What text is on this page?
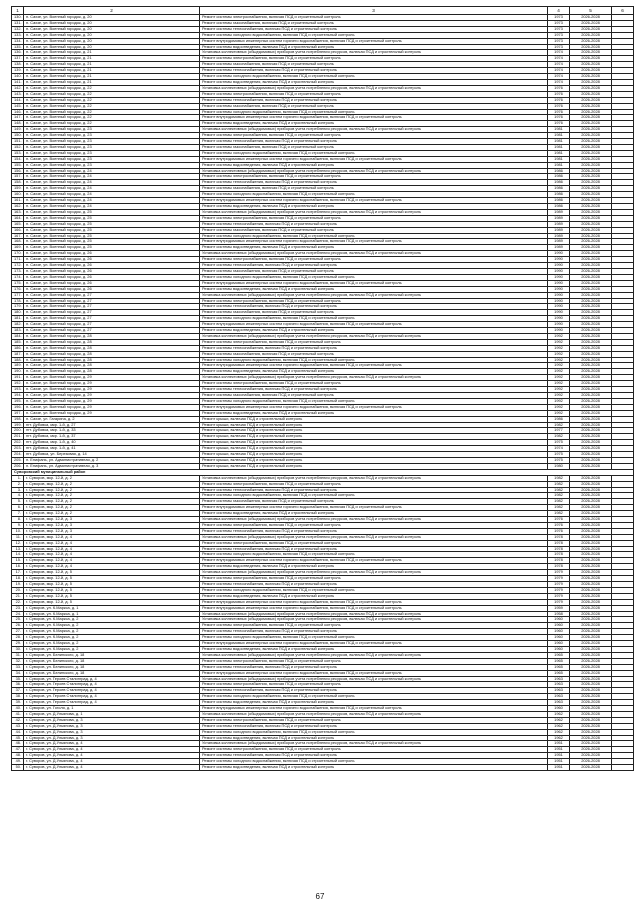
1	2	3	4	5	6
130.	п. Сахзе, ул. Военный городок, д. 20	Ремонт системы электроснабжения, включая ПСД и строительный контроль	1973	2026-2028	
131.	п. Сахзе, ул. Военный городок, д. 20	Ремонт системы газоснабжения, включая ПСД и строительный контроль	1973	2026-2028	
132.	п. Сахзе, ул. Военный городок, д. 20	Ремонт системы теплоснабжения, включая ПСД и строительный контроль	1973	2026-2028	
133.	п. Сахзе, ул. Военный городок, д. 20	Ремонт системы холодного водоснабжения, включая ПСД и строительный контроль	1973	2026-2028	
134.	п. Сахзе, ул. Военный городок, д. 20	Ремонт внутридомовых инженерных систем горячего водоснабжения, включая ПСД и строительный контроль	1973	2026-2028	
135.	п. Сахзе, ул. Военный городок, д. 20	Ремонт системы водоотведения, включая ПСД и строительный контроль	1973	2026-2028	
136.	п. Сахзе, ул. Военный городок, д. 21	Установка коллективных (общедомовых) приборов учета потребления ресурсов, включая ПСД и строительный контроль	1974	2026-2028	
137.	п. Сахзе, ул. Военный городок, д. 21	Ремонт системы электроснабжения, включая ПСД и строительный контроль	1974	2026-2028	
138.	п. Сахзе, ул. Военный городок, д. 21	Ремонт системы газоснабжения, включая ПСД и строительный контроль	1974	2026-2028	
139.	п. Сахзе, ул. Военный городок, д. 21	Ремонт системы теплоснабжения, включая ПСД и строительный контроль	1974	2026-2028	
140.	п. Сахзе, ул. Военный городок, д. 21	Ремонт системы холодного водоснабжения, включая ПСД и строительный контроль	1974	2026-2028	
141.	п. Сахзе, ул. Военный городок, д. 21	Ремонт системы водоотведения, включая ПСД и строительный контроль	1974	2026-2028	
142.	п. Сахзе, ул. Военный городок, д. 22	Установка коллективных (общедомовых) приборов учета потребления ресурсов, включая ПСД и строительный контроль	1976	2026-2028	
143.	п. Сахзе, ул. Военный городок, д. 22	Ремонт системы электроснабжения, включая ПСД и строительный контроль	1976	2026-2028	
144.	п. Сахзе, ул. Военный городок, д. 22	Ремонт системы теплоснабжения, включая ПСД и строительный контроль	1976	2026-2028	
145.	п. Сахзе, ул. Военный городок, д. 22	Ремонт системы газоснабжения, включая ПСД и строительный контроль	1976	2026-2028	
146.	п. Сахзе, ул. Военный городок, д. 22	Ремонт системы холодного водоснабжения, включая ПСД и строительный контроль	1976	2026-2028	
147.	п. Сахзе, ул. Военный городок, д. 22	Ремонт внутридомовых инженерных систем горячего водоснабжения, включая ПСД и строительный контроль	1976	2026-2028	
148.	п. Сахзе, ул. Военный городок, д. 22	Ремонт системы водоотведения, включая ПСД и строительный контроль	1976	2026-2028	
149.	п. Сахзе, ул. Военный городок, д. 23	Установка коллективных (общедомовых) приборов учета потребления ресурсов, включая ПСД и строительный контроль	1981	2026-2028	
150.	п. Сахзе, ул. Военный городок, д. 23	Ремонт системы электроснабжения, включая ПСД и строительный контроль	1981	2026-2028	
151.	п. Сахзе, ул. Военный городок, д. 23	Ремонт системы теплоснабжения, включая ПСД и строительный контроль	1981	2026-2028	
152.	п. Сахзе, ул. Военный городок, д. 23	Ремонт системы газоснабжения, включая ПСД и строительный контроль	1981	2026-2028	
153.	п. Сахзе, ул. Военный городок, д. 23	Ремонт системы холодного водоснабжения, включая ПСД и строительный контроль	1981	2026-2028	
154.	п. Сахзе, ул. Военный городок, д. 23	Ремонт внутридомовых инженерных систем горячего водоснабжения, включая ПСД и строительный контроль	1981	2026-2028	
155.	п. Сахзе, ул. Военный городок, д. 23	Ремонт системы водоотведения, включая ПСД и строительный контроль	1981	2026-2028	
156.	п. Сахзе, ул. Военный городок, д. 24	Установка коллективных (общедомовых) приборов учета потребления ресурсов, включая ПСД и строительный контроль	1986	2026-2028	
157.	п. Сахзе, ул. Военный городок, д. 24	Ремонт системы электроснабжения, включая ПСД и строительный контроль	1986	2026-2028	
158.	п. Сахзе, ул. Военный городок, д. 24	Ремонт системы теплоснабжения, включая ПСД и строительный контроль	1986	2026-2028	
159.	п. Сахзе, ул. Военный городок, д. 24	Ремонт системы газоснабжения, включая ПСД и строительный контроль	1986	2026-2028	
160.	п. Сахзе, ул. Военный городок, д. 24	Ремонт системы холодного водоснабжения, включая ПСД и строительный контроль	1986	2026-2028	
161.	п. Сахзе, ул. Военный городок, д. 24	Ремонт внутридомовых инженерных систем горячего водоснабжения, включая ПСД и строительный контроль	1986	2026-2028	
162.	п. Сахзе, ул. Военный городок, д. 24	Ремонт системы водоотведения, включая ПСД и строительный контроль	1986	2026-2028	
163.	п. Сахзе, ул. Военный городок, д. 25	Установка коллективных (общедомовых) приборов учета потребления ресурсов, включая ПСД и строительный контроль	1989	2026-2028	
164.	п. Сахзе, ул. Военный городок, д. 25	Ремонт системы электроснабжения, включая ПСД и строительный контроль	1989	2026-2028	
165.	п. Сахзе, ул. Военный городок, д. 25	Ремонт системы теплоснабжения, включая ПСД и строительный контроль	1989	2026-2028	
166.	п. Сахзе, ул. Военный городок, д. 25	Ремонт системы газоснабжения, включая ПСД и строительный контроль	1989	2026-2028	
167.	п. Сахзе, ул. Военный городок, д. 25	Ремонт системы холодного водоснабжения, включая ПСД и строительный контроль	1989	2026-2028	
168.	п. Сахзе, ул. Военный городок, д. 25	Ремонт внутридомовых инженерных систем горячего водоснабжения, включая ПСД и строительный контроль	1989	2026-2028	
169.	п. Сахзе, ул. Военный городок, д. 25	Ремонт системы водоотведения, включая ПСД и строительный контроль	1989	2026-2028	
170.	п. Сахзе, ул. Военный городок, д. 26	Установка коллективных (общедомовых) приборов учета потребления ресурсов, включая ПСД и строительный контроль	1990	2026-2028	
171.	п. Сахзе, ул. Военный городок, д. 26	Ремонт системы электроснабжения, включая ПСД и строительный контроль	1990	2026-2028	
172.	п. Сахзе, ул. Военный городок, д. 26	Ремонт системы теплоснабжения, включая ПСД и строительный контроль	1990	2026-2028	
173.	п. Сахзе, ул. Военный городок, д. 26	Ремонт системы газоснабжения, включая ПСД и строительный контроль	1990	2026-2028	
174.	п. Сахзе, ул. Военный городок, д. 26	Ремонт системы холодного водоснабжения, включая ПСД и строительный контроль	1990	2026-2028	
175.	п. Сахзе, ул. Военный городок, д. 26	Ремонт внутридомовых инженерных систем горячего водоснабжения, включая ПСД и строительный контроль	1990	2026-2028	
176.	п. Сахзе, ул. Военный городок, д. 26	Ремонт системы водоотведения, включая ПСД и строительный контроль	1990	2026-2028	
177.	п. Сахзе, ул. Военный городок, д. 27	Установка коллективных (общедомовых) приборов учета потребления ресурсов, включая ПСД и строительный контроль	1990	2026-2028	
178.	п. Сахзе, ул. Военный городок, д. 27	Ремонт системы электроснабжения, включая ПСД и строительный контроль	1990	2026-2028	
179.	п. Сахзе, ул. Военный городок, д. 27	Ремонт системы теплоснабжения, включая ПСД и строительный контроль	1990	2026-2028	
180.	п. Сахзе, ул. Военный городок, д. 27	Ремонт системы газоснабжения, включая ПСД и строительный контроль	1990	2026-2028	
181.	п. Сахзе, ул. Военный городок, д. 27	Ремонт системы холодного водоснабжения, включая ПСД и строительный контроль	1990	2026-2028	
182.	п. Сахзе, ул. Военный городок, д. 27	Ремонт внутридомовых инженерных систем горячего водоснабжения, включая ПСД и строительный контроль	1990	2026-2028	
183.	п. Сахзе, ул. Военный городок, д. 27	Ремонт системы водоотведения, включая ПСД и строительный контроль	1990	2026-2028	
184.	п. Сахзе, ул. Военный городок, д. 28	Установка коллективных (общедомовых) приборов учета потребления ресурсов, включая ПСД и строительный контроль	1992	2026-2028	
185.	п. Сахзе, ул. Военный городок, д. 28	Ремонт системы электроснабжения, включая ПСД и строительный контроль	1992	2026-2028	
186.	п. Сахзе, ул. Военный городок, д. 28	Ремонт системы теплоснабжения, включая ПСД и строительный контроль	1992	2026-2028	
187.	п. Сахзе, ул. Военный городок, д. 28	Ремонт системы газоснабжения, включая ПСД и строительный контроль	1992	2026-2028	
188.	п. Сахзе, ул. Военный городок, д. 28	Ремонт системы холодного водоснабжения, включая ПСД и строительный контроль	1992	2026-2028	
189.	п. Сахзе, ул. Военный городок, д. 28	Ремонт внутридомовых инженерных систем горячего водоснабжения, включая ПСД и строительный контроль	1992	2026-2028	
190.	п. Сахзе, ул. Военный городок, д. 28	Ремонт системы водоотведения, включая ПСД и строительный контроль	1992	2026-2028	
191.	п. Сахзе, ул. Военный городок, д. 29	Установка коллективных (общедомовых) приборов учета потребления ресурсов, включая ПСД и строительный контроль	1992	2026-2028	
192.	п. Сахзе, ул. Военный городок, д. 29	Ремонт системы электроснабжения, включая ПСД и строительный контроль	1992	2026-2028	
193.	п. Сахзе, ул. Военный городок, д. 29	Ремонт системы теплоснабжения, включая ПСД и строительный контроль	1992	2026-2028	
194.	п. Сахзе, ул. Военный городок, д. 29	Ремонт системы газоснабжения, включая ПСД и строительный контроль	1992	2026-2028	
195.	п. Сахзе, ул. Военный городок, д. 29	Ремонт системы холодного водоснабжения, включая ПСД и строительный контроль	1992	2026-2028	
196.	п. Сахзе, ул. Военный городок, д. 29	Ремонт внутридомовых инженерных систем горячего водоснабжения, включая ПСД и строительный контроль	1992	2026-2028	
197.	п. Сахзе, ул. Военный городок, д. 29	Ремонт системы водоотведения, включая ПСД и строительный контроль	1992	2026-2028	
198.	п. Сахзе, ул. Гагарина, д. 2	Ремонт крыши, включая ПСД и строительный контроль	1986	2026-2028	
199.	пгт. Дубовка, мкр. 1-й, д. 27	Ремонт крыши, включая ПСД и строительный контроль	1982	2026-2028	
200.	пгт. Дубовка, мкр. 1-й, д. 33	Ремонт крыши, включая ПСД и строительный контроль	1977	2026-2028	
201.	пгт. Дубовка, мкр. 1-й, д. 37	Ремонт крыши, включая ПСД и строительный контроль	1982	2026-2028	
202.	пгт. Дубовка, мкр. 1-й, д. 40	Ремонт крыши, включая ПСД и строительный контроль	1975	2026-2028	
203.	пгт. Дубовка, мкр. 1-й, д. 41	Ремонт крыши, включая ПСД и строительный контроль	1974	2026-2028	
204.	пгт. Дубовка, ул. Березовая, д. 14	Ремонт крыши, включая ПСД и строительный контроль	1975	2026-2028	
205.	п. Епифань, ул. Административная, д. 2	Ремонт крыши, включая ПСД и строительный контроль	1975	2026-2028	
206.	п. Епифань, ул. Административная, д. 3	Ремонт крыши, включая ПСД и строительный контроль	1980	2026-2028	
Суворовский муниципальный район					
1.	г. Суворов, мкр. 12-й, д. 2	Установка коллективных (общедомовых) приборов учета потребления ресурсов, включая ПСД и строительный контроль	1982	2026-2028	
2.	г. Суворов, мкр. 12-й, д. 2	Ремонт системы электроснабжения, включая ПСД и строительный контроль	1982	2026-2028	
3.	г. Суворов, мкр. 12-й, д. 2	Ремонт системы теплоснабжения, включая ПСД и строительный контроль	1982	2026-2028	
4.	г. Суворов, мкр. 12-й, д. 2	Ремонт системы холодного водоснабжения, включая ПСД и строительный контроль	1982	2026-2028	
5.	г. Суворов, мкр. 12-й, д. 2	Ремонт системы газоснабжения, включая ПСД и строительный контроль	1982	2026-2028	
6.	г. Суворов, мкр. 12-й, д. 2	Ремонт внутридомовых инженерных систем горячего водоснабжения, включая ПСД и строительный контроль	1982	2026-2028	
7.	г. Суворов, мкр. 12-й, д. 2	Ремонт системы водоотведения, включая ПСД и строительный контроль	1982	2026-2028	
8.	г. Суворов, мкр. 12-й, д. 3	Установка коллективных (общедомовых) приборов учета потребления ресурсов, включая ПСД и строительный контроль	1976	2026-2028	
9.	г. Суворов, мкр. 12-й, д. 3	Ремонт системы электроснабжения, включая ПСД и строительный контроль	1976	2026-2028	
10.	г. Суворов, мкр. 12-й, д. 3	Ремонт системы теплоснабжения, включая ПСД и строительный контроль	1976	2026-2028	
11.	г. Суворов, мкр. 12-й, д. 4	Установка коллективных (общедомовых) приборов учета потребления ресурсов, включая ПСД и строительный контроль	1978	2026-2028	
12.	г. Суворов, мкр. 12-й, д. 4	Ремонт системы электроснабжения, включая ПСД и строительный контроль	1978	2026-2028	
13.	г. Суворов, мкр. 12-й, д. 4	Ремонт системы теплоснабжения, включая ПСД и строительный контроль	1978	2026-2028	
14.	г. Суворов, мкр. 12-й, д. 4	Ремонт системы холодного водоснабжения, включая ПСД и строительный контроль	1978	2026-2028	
15.	г. Суворов, мкр. 12-й, д. 4	Ремонт внутридомовых инженерных систем горячего водоснабжения, включая ПСД и строительный контроль	1978	2026-2028	
16.	г. Суворов, мкр. 12-й, д. 4	Ремонт системы водоотведения, включая ПСД и строительный контроль	1978	2026-2028	
17.	г. Суворов, мкр. 12-й, д. 5	Установка коллективных (общедомовых) приборов учета потребления ресурсов, включая ПСД и строительный контроль	1979	2026-2028	
18.	г. Суворов, мкр. 12-й, д. 5	Ремонт системы электроснабжения, включая ПСД и строительный контроль	1979	2026-2028	
19.	г. Суворов, мкр. 12-й, д. 5	Ремонт системы теплоснабжения, включая ПСД и строительный контроль	1979	2026-2028	
20.	г. Суворов, мкр. 12-й, д. 5	Ремонт системы холодного водоснабжения, включая ПСД и строительный контроль	1979	2026-2028	
21.	г. Суворов, мкр. 12-й, д. 5	Ремонт системы водоотведения, включая ПСД и строительный контроль	1979	2026-2028	
22.	г. Суворов, мкр. 12-й, д. 5	Ремонт внутридомовых инженерных систем горячего водоснабжения, включая ПСД и строительный контроль	1979	2026-2028	
23.	г. Суворов, ул. К.Маркса, д. 1	Ремонт внутридомовых инженерных систем горячего водоснабжения, включая ПСД и строительный контроль	1959	2026-2028	
24.	г. Суворов, ул. К.Маркса, д. 1	Установка коллективных (общедомовых) приборов учета потребления ресурсов, включая ПСД и строительный контроль	1958	2026-2028	
25.	г. Суворов, ул. К.Маркса, д. 2	Установка коллективных (общедомовых) приборов учета потребления ресурсов, включая ПСД и строительный контроль	1960	2026-2028	
26.	г. Суворов, ул. К.Маркса, д. 2	Ремонт системы электроснабжения, включая ПСД и строительный контроль	1960	2026-2028	
27.	г. Суворов, ул. К.Маркса, д. 2	Ремонт системы теплоснабжения, включая ПСД и строительный контроль	1960	2026-2028	
28.	г. Суворов, ул. К.Маркса, д. 2	Ремонт системы холодного водоснабжения, включая ПСД и строительный контроль	1960	2026-2028	
29.	г. Суворов, ул. К.Маркса, д. 2	Ремонт внутридомовых инженерных систем горячего водоснабжения, включая ПСД и строительный контроль	1960	2026-2028	
30.	г. Суворов, ул. К.Маркса, д. 2	Ремонт системы водоотведения, включая ПСД и строительный контроль	1960	2026-2028	
31.	г. Суворов, ул. Белинского, д. 18	Установка коллективных (общедомовых) приборов учета потребления ресурсов, включая ПСД и строительный контроль	1965	2026-2028	
32.	г. Суворов, ул. Белинского, д. 18	Ремонт системы электроснабжения, включая ПСД и строительный контроль	1965	2026-2028	
33.	г. Суворов, ул. Белинского, д. 18	Ремонт системы теплоснабжения, включая ПСД и строительный контроль	1965	2026-2028	
34.	г. Суворов, ул. Белинского, д. 18	Ремонт внутридомовых инженерных систем горячего водоснабжения, включая ПСД и строительный контроль	1965	2026-2028	
35.	г. Суворов, ул. Героев Сталинград, д. 4	Установка коллективных (общедомовых) приборов учета потребления ресурсов, включая ПСД и строительный контроль	1963	2026-2028	
36.	г. Суворов, ул. Героев Сталинград, д. 4	Ремонт системы электроснабжения, включая ПСД и строительный контроль	1963	2026-2028	
37.	г. Суворов, ул. Героев Сталинград, д. 4	Ремонт системы теплоснабжения, включая ПСД и строительный контроль	1963	2026-2028	
38.	г. Суворов, ул. Героев Сталинград, д. 4	Ремонт системы холодного водоснабжения, включая ПСД и строительный контроль	1963	2026-2028	
39.	г. Суворов, ул. Героев Сталинград, д. 4	Ремонт системы водоотведения, включая ПСД и строительный контроль	1963	2026-2028	
40.	г. Суворов, ул. Гоголя, д. 1	Ремонт внутридомовых инженерных систем горячего водоснабжения, включая ПСД и строительный контроль	1960	2026-2028	
41.	г. Суворов, ул. Д.Ульянова, д. 1	Установка коллективных (общедомовых) приборов учета потребления ресурсов, включая ПСД и строительный контроль	1962	2026-2028	
42.	г. Суворов, ул. Д.Ульянова, д. 3	Ремонт системы электроснабжения, включая ПСД и строительный контроль	1962	2026-2028	
43.	г. Суворов, ул. Д.Ульянова, д. 3	Ремонт системы теплоснабжения, включая ПСД и строительный контроль	1962	2026-2028	
44.	г. Суворов, ул. Д.Ульянова, д. 3	Ремонт системы холодного водоснабжения, включая ПСД и строительный контроль	1962	2026-2028	
45.	г. Суворов, ул. Д.Ульянова, д. 3	Ремонт системы водоотведения, включая ПСД и строительный контроль	1962	2026-2028	
46.	г. Суворов, ул. Д.Ульянова, д. 4	Установка коллективных (общедомовых) приборов учета потребления ресурсов, включая ПСД и строительный контроль	1951	2026-2028	
47.	г. Суворов, ул. Д.Ульянова, д. 4	Ремонт системы электроснабжения, включая ПСД и строительный контроль	1951	2026-2028	
48.	г. Суворов, ул. Д.Ульянова, д. 4	Ремонт системы теплоснабжения, включая ПСД и строительный контроль	1951	2026-2028	
49.	г. Суворов, ул. Д.Ульянова, д. 4	Ремонт системы холодного водоснабжения, включая ПСД и строительный контроль	1951	2026-2028	
50.	г. Суворов, ул. Д.Ульянова, д. 4	Ремонт системы водоотведения, включая ПСД и строительный контроль	1951	2026-2028	
67
